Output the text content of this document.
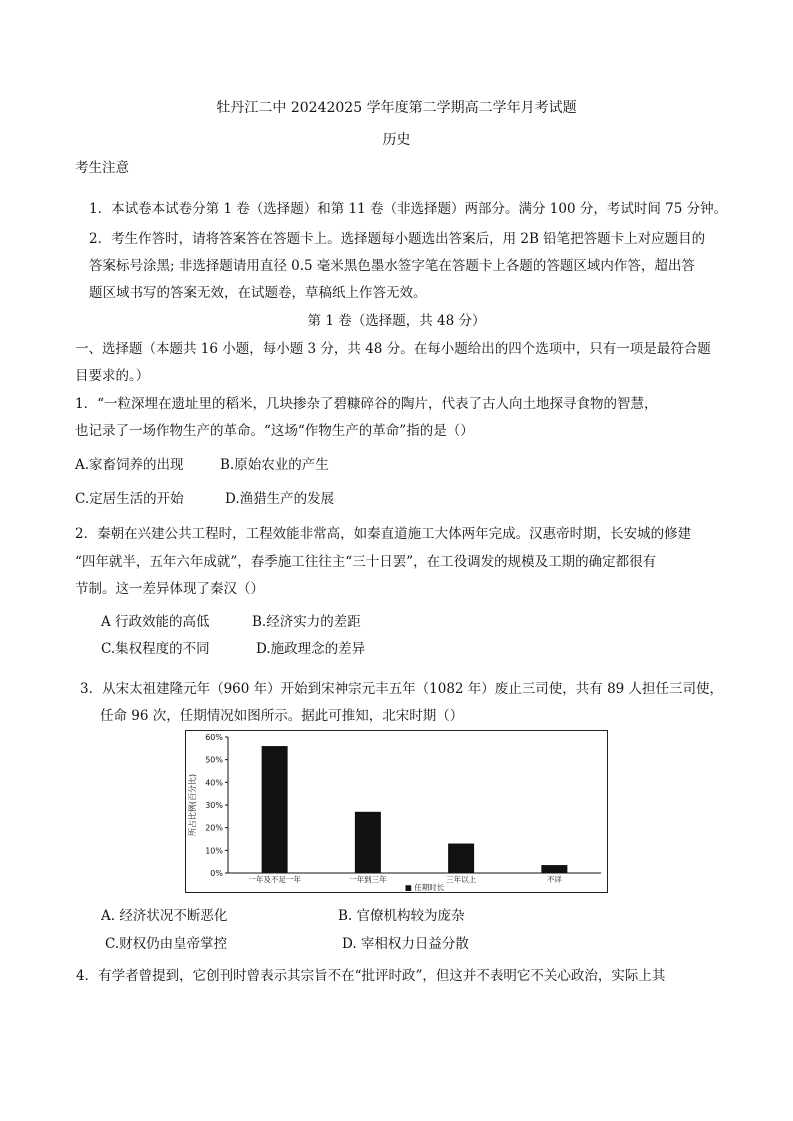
牡丹江二中 20242025 学年度第二学期高二学年月考试题
历史
考生注意
1．本试卷本试卷分第 1 卷（选择题）和第 11 卷（非选择题）两部分。满分 100 分，考试时间 75 分钟。
2．考生作答时，请将答案答在答题卡上。选择题每小题选出答案后，用 2B 铅笔把答题卡上对应题目的
答案标号涂黑; 非选择题请用直径 0.5 毫米黑色墨水签字笔在答题卡上各题的答题区域内作答，超出答
题区域书写的答案无效，在试题卷，草稿纸上作答无效。
第 1 卷（选择题，共 48 分）
一、选择题（本题共 16 小题，每小题 3 分，共 48 分。在每小题给出的四个选项中，只有一项是最符合题
目要求的。）
1．“一粒深埋在遗址里的稻米，几块掺杂了碧糠碎谷的陶片，代表了古人向土地探寻食物的智慧，
也记录了一场作物生产的革命。“这场“作物生产的革命”指的是（）
A.家畜饲养的出现	B.原始农业的产生
C.定居生活的开始	D.渔猎生产的发展
2．秦朝在兴建公共工程时，工程效能非常高，如秦直道施工大体两年完成。汉惠帝时期，长安城的修建
“四年就半，五年六年成就”，春季施工往往主“三十日罢”，在工役调发的规模及工期的确定都很有
节制。这一差异体现了秦汉（）
A 行政效能的高低	B.经济实力的差距
C.集权程度的不同	D.施政理念的差异
3．从宋太祖建隆元年（960 年）开始到宋神宗元丰五年（1082 年）废止三司使，共有 89 人担任三司使，
任命 96 次，任期情况如图所示。据此可推知，北宋时期（）
0%
10%
20%
30%
40%
50%
60%
所占比例(百分比)
一年及不足一年	一年到三年	三年以上	不详
■ 任期时长
A. 经济状况不断恶化	B. 官僚机构较为庞杂
C.财权仍由皇帝掌控	D. 宰相权力日益分散
4．有学者曾提到，它创刊时曾表示其宗旨不在“批评时政”，但这并不表明它不关心政治，实际上其
